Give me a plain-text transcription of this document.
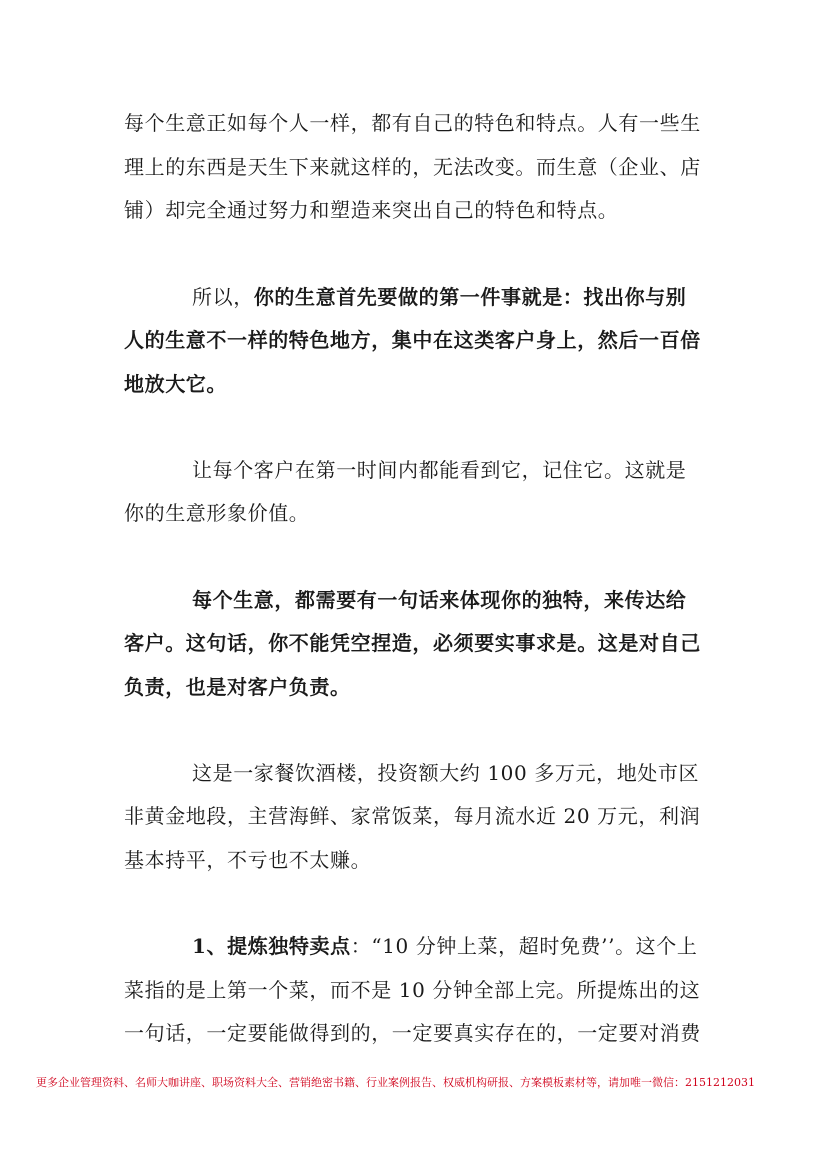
每个生意正如每个人一样，都有自己的特色和特点。人有一些生
理上的东西是天生下来就这样的，无法改变。而生意（企业、店
铺）却完全通过努力和塑造来突出自己的特色和特点。
所以，你的生意首先要做的第一件事就是：找出你与别
人的生意不一样的特色地方，集中在这类客户身上，然后一百倍
地放大它。
让每个客户在第一时间内都能看到它，记住它。这就是
你的生意形象价值。
每个生意，都需要有一句话来体现你的独特，来传达给
客户。这句话，你不能凭空捏造，必须要实事求是。这是对自己
负责，也是对客户负责。
这是一家餐饮酒楼，投资额大约 100 多万元，地处市区
非黄金地段，主营海鲜、家常饭菜，每月流水近 20 万元，利润
基本持平，不亏也不太赚。
1、提炼独特卖点：“10 分钟上菜，超时免费’’。这个上
菜指的是上第一个菜，而不是 10 分钟全部上完。所提炼出的这
一句话，一定要能做得到的，一定要真实存在的，一定要对消费
更多企业管理资料、名师大咖讲座、职场资料大全、营销绝密书籍、行业案例报告、权威机构研报、方案模板素材等，请加唯一微信：2151212031
